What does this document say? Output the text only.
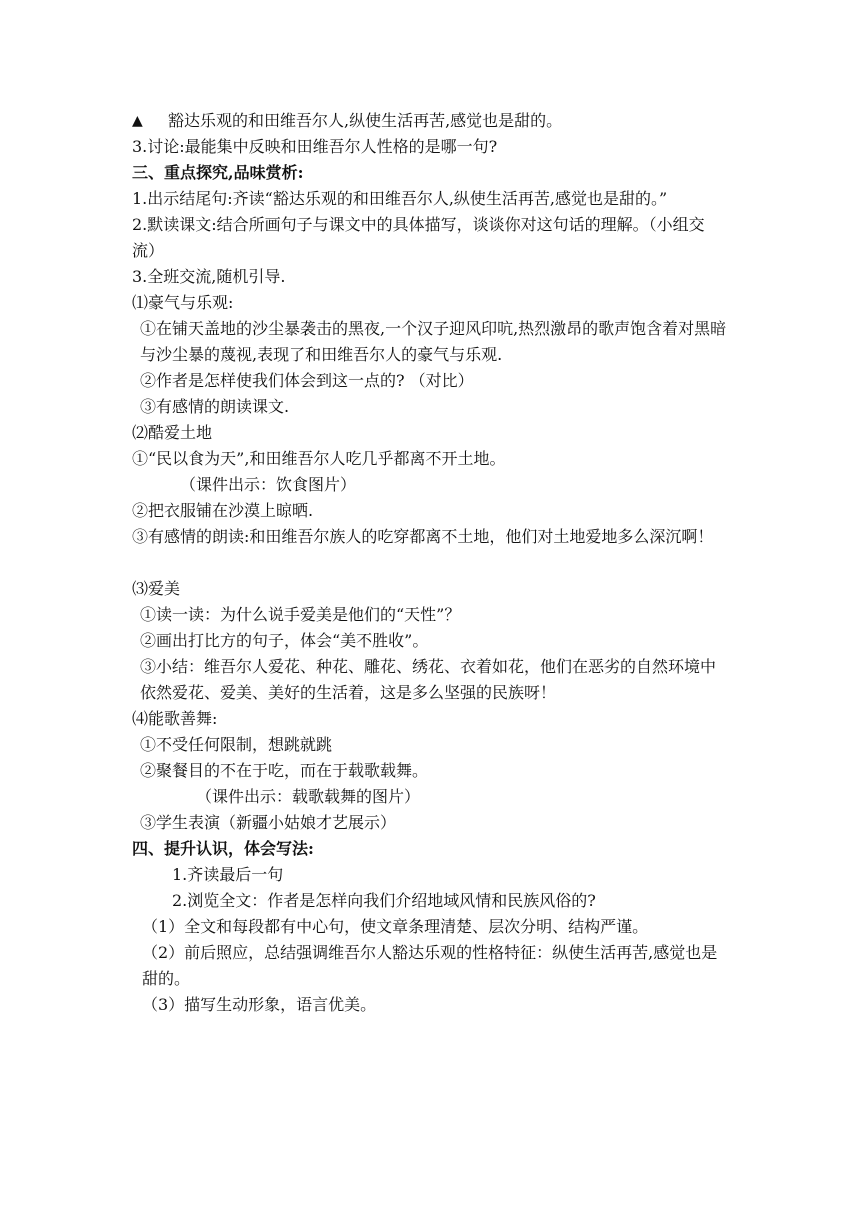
▲	豁达乐观的和田维吾尔人,纵使生活再苦,感觉也是甜的。

3.讨论:最能集中反映和田维吾尔人性格的是哪一句?

三、重点探究,品味赏析:

1.出示结尾句:齐读“豁达乐观的和田维吾尔人,纵使生活再苦,感觉也是甜的。”

2.默读课文:结合所画句子与课文中的具体描写，谈谈你对这句话的理解。（小组交流）

3.全班交流,随机引导.

⑴豪气与乐观:

①在铺天盖地的沙尘暴袭击的黑夜,一个汉子迎风印吭,热烈激昂的歌声饱含着对黑暗与沙尘暴的蔑视,表现了和田维吾尔人的豪气与乐观.

②作者是怎样使我们体会到这一点的? （对比）

③有感情的朗读课文.

⑵酷爱土地

①“民以食为天”,和田维吾尔人吃几乎都离不开土地。

（课件出示：饮食图片）

②把衣服铺在沙漠上晾晒.

③有感情的朗读:和田维吾尔族人的吃穿都离不土地，他们对土地爱地多么深沉啊！

⑶爱美

①读一读：为什么说手爱美是他们的“天性”？

②画出打比方的句子，体会“美不胜收”。

③小结：维吾尔人爱花、种花、雕花、绣花、衣着如花，他们在恶劣的自然环境中依然爱花、爱美、美好的生活着，这是多么坚强的民族呀！

⑷能歌善舞:

①不受任何限制，想跳就跳

②聚餐目的不在于吃，而在于载歌载舞。

（课件出示：载歌载舞的图片）

③学生表演（新疆小姑娘才艺展示）

四、提升认识，体会写法:

1.齐读最后一句

2.浏览全文：作者是怎样向我们介绍地域风情和民族风俗的?

（1）全文和每段都有中心句，使文章条理清楚、层次分明、结构严谨。

（2）前后照应，总结强调维吾尔人豁达乐观的性格特征：纵使生活再苦,感觉也是甜的。

（3）描写生动形象，语言优美。
